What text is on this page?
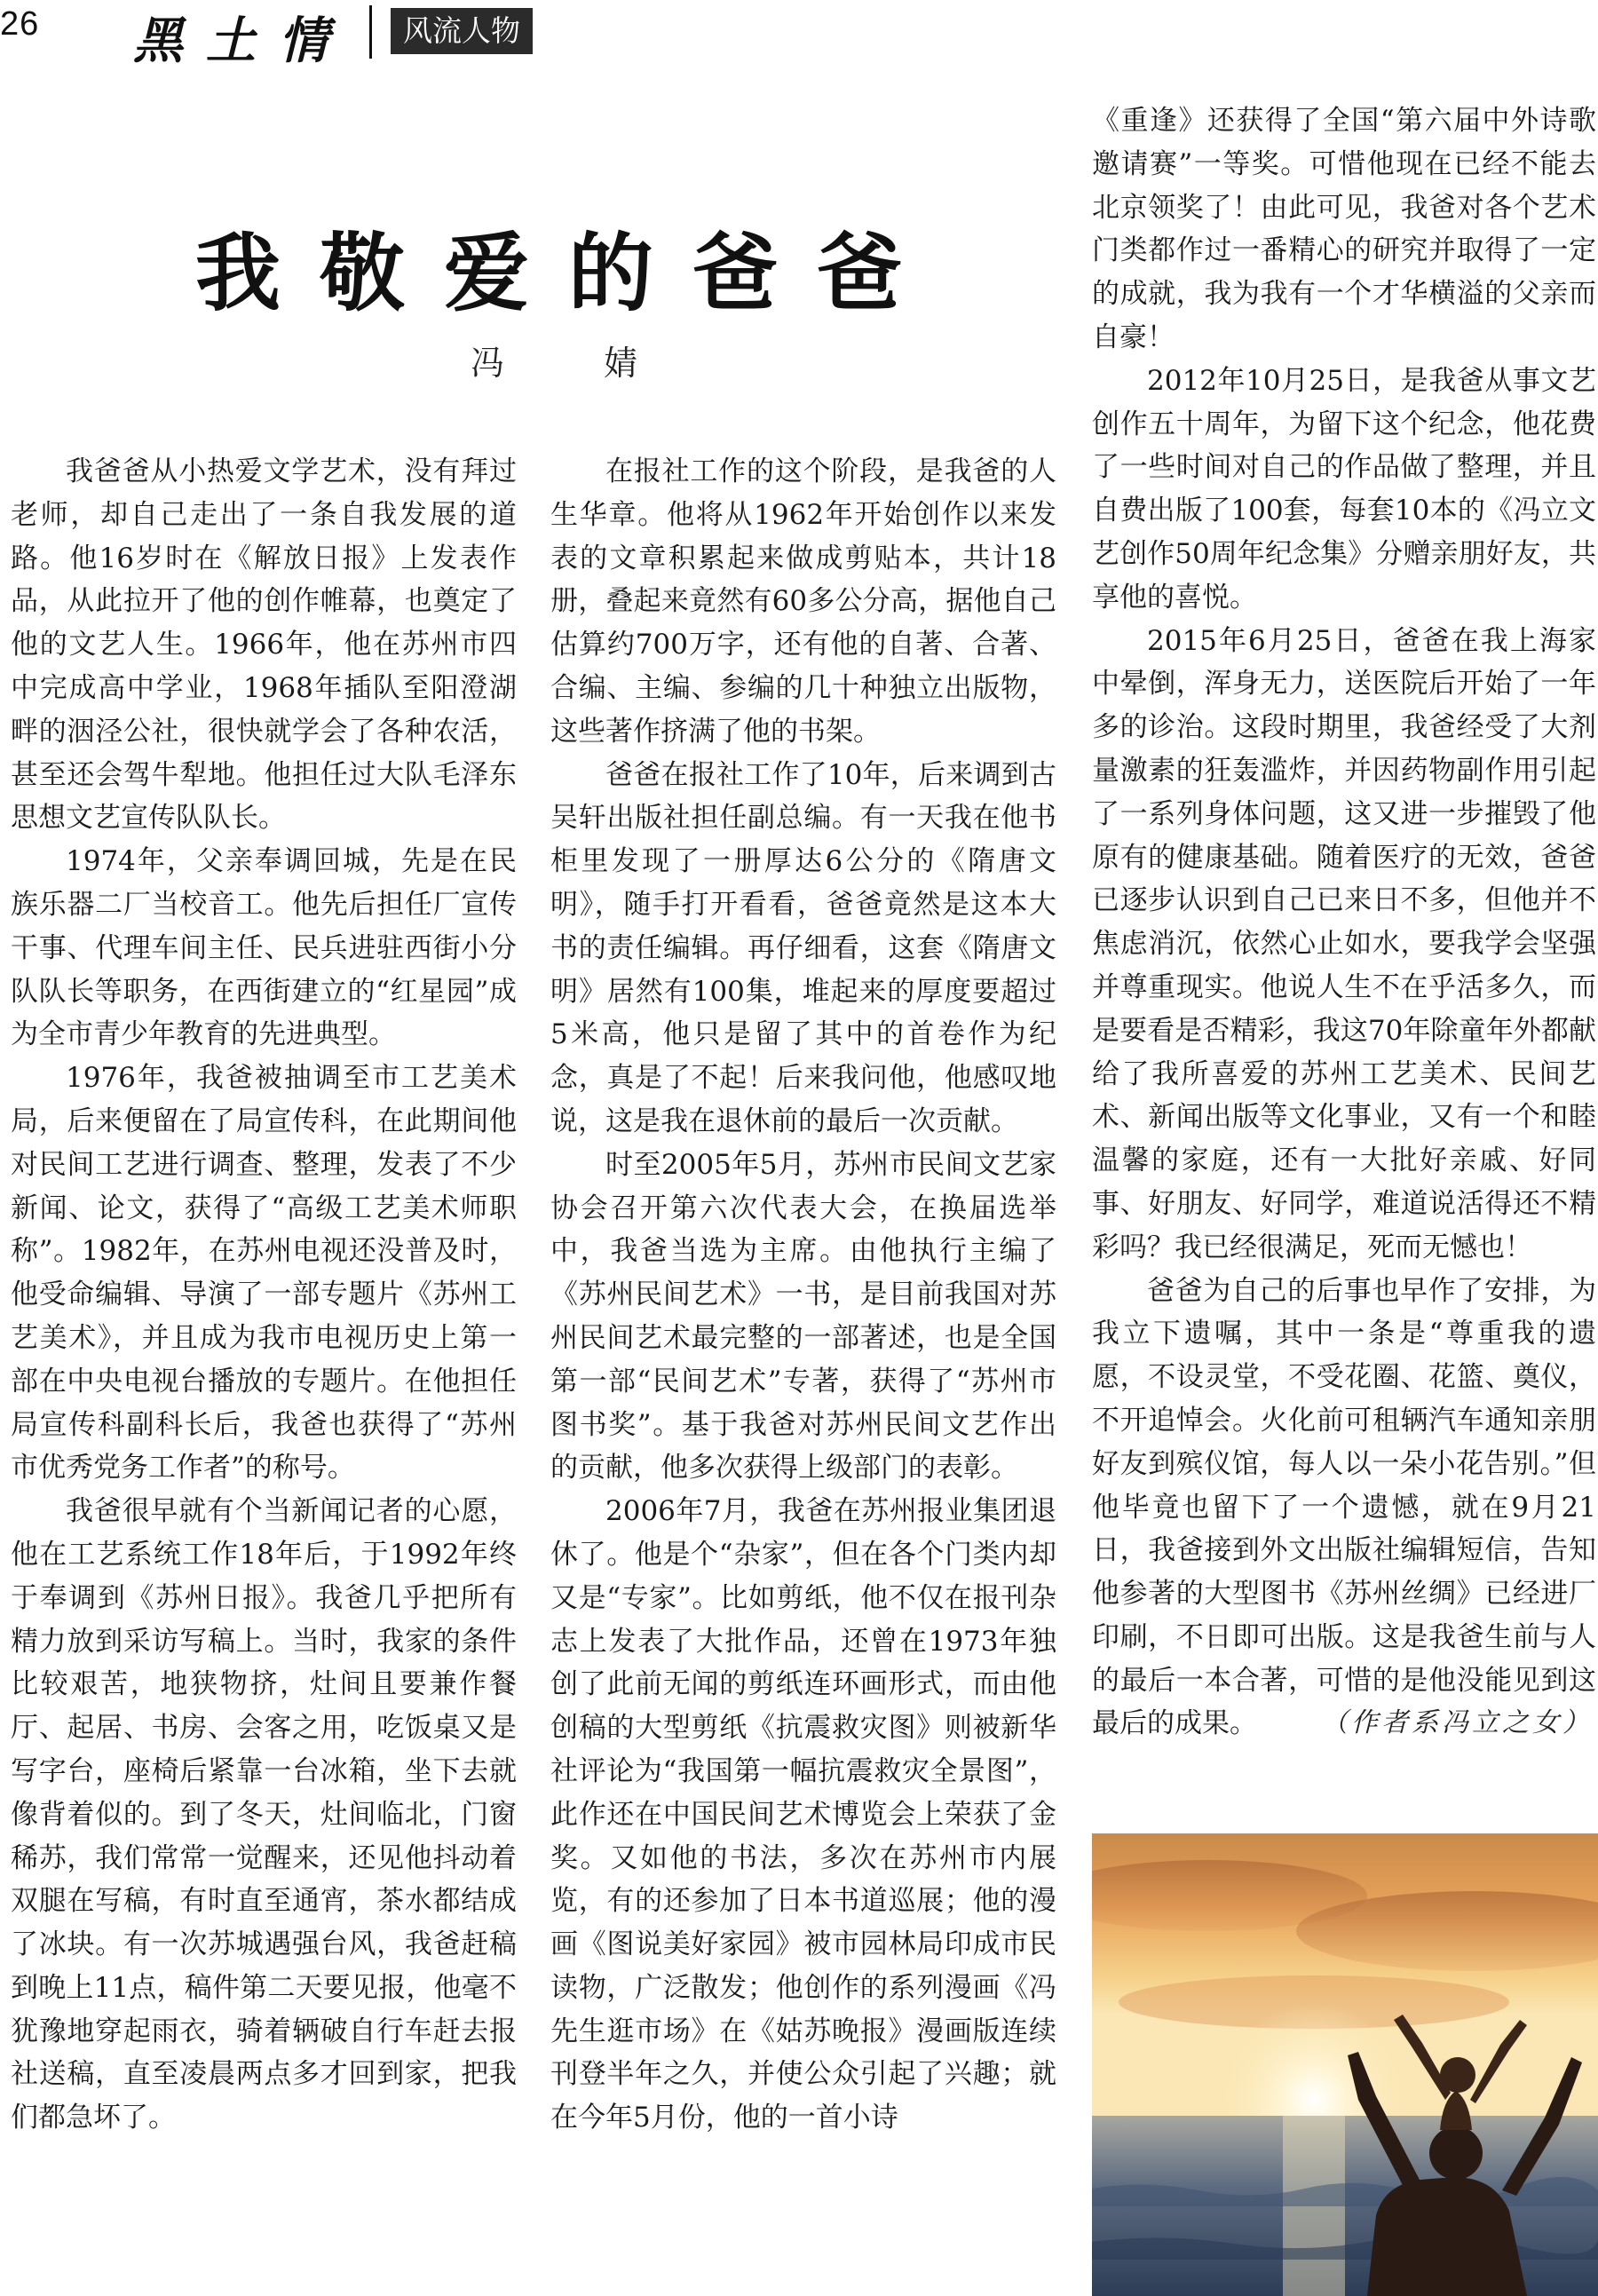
26 黑土情	风流人物
我敬爱的爸爸
冯 婧

我爸爸从小热爱文学艺术，没有拜过老师，却自己走出了一条自我发展的道路。他16岁时在《解放日报》上发表作品，从此拉开了他的创作帷幕，也奠定了他的文艺人生。1966年，他在苏州市四中完成高中学业，1968年插队至阳澄湖畔的洇泾公社，很快就学会了各种农活，甚至还会驾牛犁地。他担任过大队毛泽东思想文艺宣传队队长。

1974年，父亲奉调回城，先是在民族乐器二厂当校音工。他先后担任厂宣传干事、代理车间主任、民兵进驻西街小分队队长等职务，在西街建立的“红星园”成为全市青少年教育的先进典型。

1976年，我爸被抽调至市工艺美术局，后来便留在了局宣传科，在此期间他对民间工艺进行调查、整理，发表了不少新闻、论文，获得了“高级工艺美术师职称”。1982年，在苏州电视还没普及时，他受命编辑、导演了一部专题片《苏州工艺美术》，并且成为我市电视历史上第一部在中央电视台播放的专题片。在他担任局宣传科副科长后，我爸也获得了“苏州市优秀党务工作者”的称号。

我爸很早就有个当新闻记者的心愿，他在工艺系统工作18年后，于1992年终于奉调到《苏州日报》。我爸几乎把所有精力放到采访写稿上。当时，我家的条件比较艰苦，地狭物挤，灶间且要兼作餐厅、起居、书房、会客之用，吃饭桌又是写字台，座椅后紧靠一台冰箱，坐下去就像背着似的。到了冬天，灶间临北，门窗稀苏，我们常常一觉醒来，还见他抖动着双腿在写稿，有时直至通宵，茶水都结成了冰块。有一次苏城遇强台风，我爸赶稿到晚上11点，稿件第二天要见报，他毫不犹豫地穿起雨衣，骑着辆破自行车赶去报社送稿，直至凌晨两点多才回到家，把我们都急坏了。

在报社工作的这个阶段，是我爸的人生华章。他将从1962年开始创作以来发表的文章积累起来做成剪贴本，共计18册，叠起来竟然有60多公分高，据他自己估算约700万字，还有他的自著、合著、合编、主编、参编的几十种独立出版物，这些著作挤满了他的书架。

爸爸在报社工作了10年，后来调到古吴轩出版社担任副总编。有一天我在他书柜里发现了一册厚达6公分的《隋唐文明》，随手打开看看，爸爸竟然是这本大书的责任编辑。再仔细看，这套《隋唐文明》居然有100集，堆起来的厚度要超过5米高，他只是留了其中的首卷作为纪念，真是了不起！后来我问他，他感叹地说，这是我在退休前的最后一次贡献。

时至2005年5月，苏州市民间文艺家协会召开第六次代表大会，在换届选举中，我爸当选为主席。由他执行主编了《苏州民间艺术》一书，是目前我国对苏州民间艺术最完整的一部著述，也是全国第一部“民间艺术”专著，获得了“苏州市图书奖”。基于我爸对苏州民间文艺作出的贡献，他多次获得上级部门的表彰。

2006年7月，我爸在苏州报业集团退休了。他是个“杂家”，但在各个门类内却又是“专家”。比如剪纸，他不仅在报刊杂志上发表了大批作品，还曾在1973年独创了此前无闻的剪纸连环画形式，而由他创稿的大型剪纸《抗震救灾图》则被新华社评论为“我国第一幅抗震救灾全景图”，此作还在中国民间艺术博览会上荣获了金奖。又如他的书法，多次在苏州市内展览，有的还参加了日本书道巡展；他的漫画《图说美好家园》被市园林局印成市民读物，广泛散发；他创作的系列漫画《冯先生逛市场》在《姑苏晚报》漫画版连续刊登半年之久，并使公众引起了兴趣；就在今年5月份，他的一首小诗

《重逢》还获得了全国“第六届中外诗歌邀请赛”一等奖。可惜他现在已经不能去北京领奖了！由此可见，我爸对各个艺术门类都作过一番精心的研究并取得了一定的成就，我为我有一个才华横溢的父亲而自豪！

2012年10月25日，是我爸从事文艺创作五十周年，为留下这个纪念，他花费了一些时间对自己的作品做了整理，并且自费出版了100套，每套10本的《冯立文艺创作50周年纪念集》分赠亲朋好友，共享他的喜悦。

2015年6月25日，爸爸在我上海家中晕倒，浑身无力，送医院后开始了一年多的诊治。这段时期里，我爸经受了大剂量激素的狂轰滥炸，并因药物副作用引起了一系列身体问题，这又进一步摧毁了他原有的健康基础。随着医疗的无效，爸爸已逐步认识到自己已来日不多，但他并不焦虑消沉，依然心止如水，要我学会坚强并尊重现实。他说人生不在乎活多久，而是要看是否精彩，我这70年除童年外都献给了我所喜爱的苏州工艺美术、民间艺术、新闻出版等文化事业，又有一个和睦温馨的家庭，还有一大批好亲戚、好同事、好朋友、好同学，难道说活得还不精彩吗？我已经很满足，死而无憾也！

爸爸为自己的后事也早作了安排，为我立下遗嘱，其中一条是“尊重我的遗愿，不设灵堂，不受花圈、花篮、奠仪，不开追悼会。火化前可租辆汽车通知亲朋好友到殡仪馆，每人以一朵小花告别。”但他毕竟也留下了一个遗憾，就在9月21日，我爸接到外文出版社编辑短信，告知他参著的大型图书《苏州丝绸》已经进厂印刷，不日即可出版。这是我爸生前与人的最后一本合著，可惜的是他没能见到这最后的成果。	（作者系冯立之女）
